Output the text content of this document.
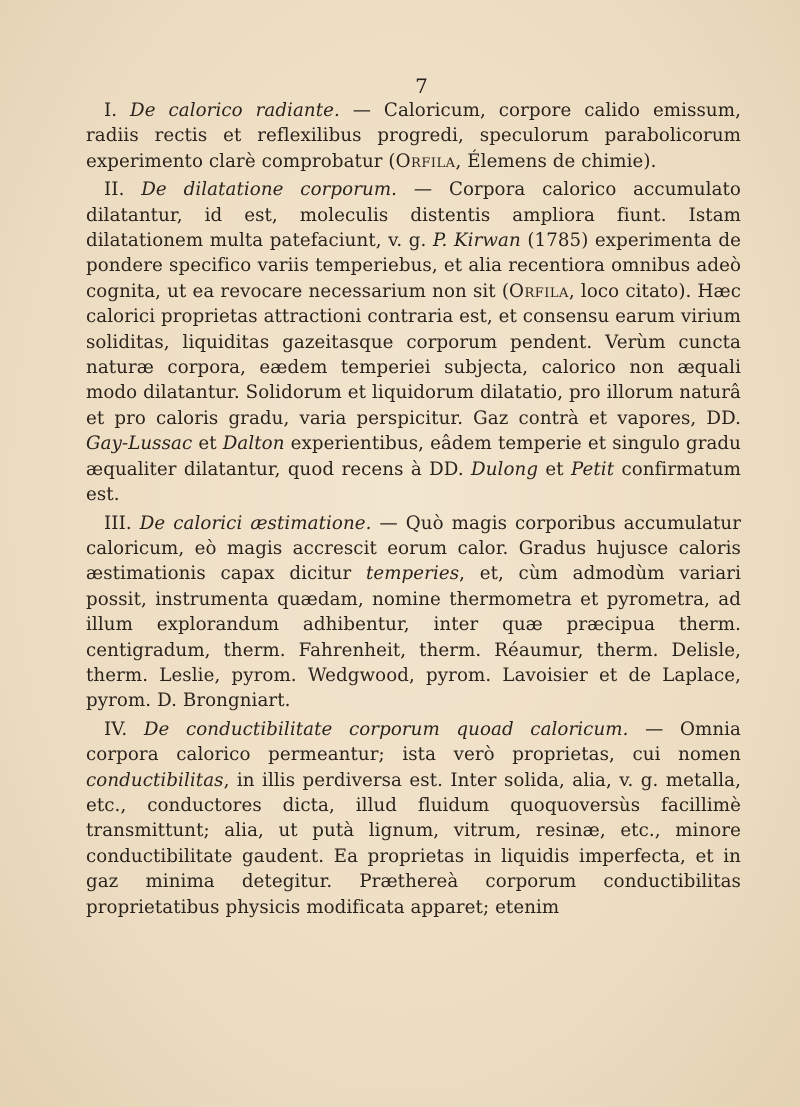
7

I. De calorico radiante. — Caloricum, corpore calido emissum, radiis rectis et reflexilibus progredi, speculorum parabolicorum experimento clarè comprobatur (Orfila, Élemens de chimie).

II. De dilatatione corporum. — Corpora calorico accumulato dilatantur, id est, moleculis distentis ampliora fiunt. Istam dilatationem multa patefaciunt, v. g. P. Kirwan (1785) experimenta de pondere specifico variis temperiebus, et alia recentiora omnibus adeò cognita, ut ea revocare necessarium non sit (Orfila, loco citato). Hæc calorici proprietas attractioni contraria est, et consensu earum virium soliditas, liquiditas gazeitasque corporum pendent. Verùm cuncta naturæ corpora, eædem temperiei subjecta, calorico non æquali modo dilatantur. Solidorum et liquidorum dilatatio, pro illorum naturâ et pro caloris gradu, varia perspicitur. Gaz contrà et vapores, DD. Gay-Lussac et Dalton experientibus, eâdem temperie et singulo gradu æqualiter dilatantur, quod recens à DD. Dulong et Petit confirmatum est.

III. De calorici æstimatione. — Quò magis corporibus accumulatur caloricum, eò magis accrescit eorum calor. Gradus hujusce caloris æstimationis capax dicitur temperies, et, cùm admodùm variari possit, instrumenta quædam, nomine thermometra et pyrometra, ad illum explorandum adhibentur, inter quæ præcipua therm. centigradum, therm. Fahrenheit, therm. Réaumur, therm. Delisle, therm. Leslie, pyrom. Wedgwood, pyrom. Lavoisier et de Laplace, pyrom. D. Brongniart.

IV. De conductibilitate corporum quoad caloricum. — Omnia corpora calorico permeantur; ista verò proprietas, cui nomen conductibilitas, in illis perdiversa est. Inter solida, alia, v. g. metalla, etc., conductores dicta, illud fluidum quoquoversùs facillimè transmittunt; alia, ut putà lignum, vitrum, resinæ, etc., minore conductibilitate gaudent. Ea proprietas in liquidis imperfecta, et in gaz minima detegitur. Præthereà corporum conductibilitas proprietatibus physicis modificata apparet; etenim
